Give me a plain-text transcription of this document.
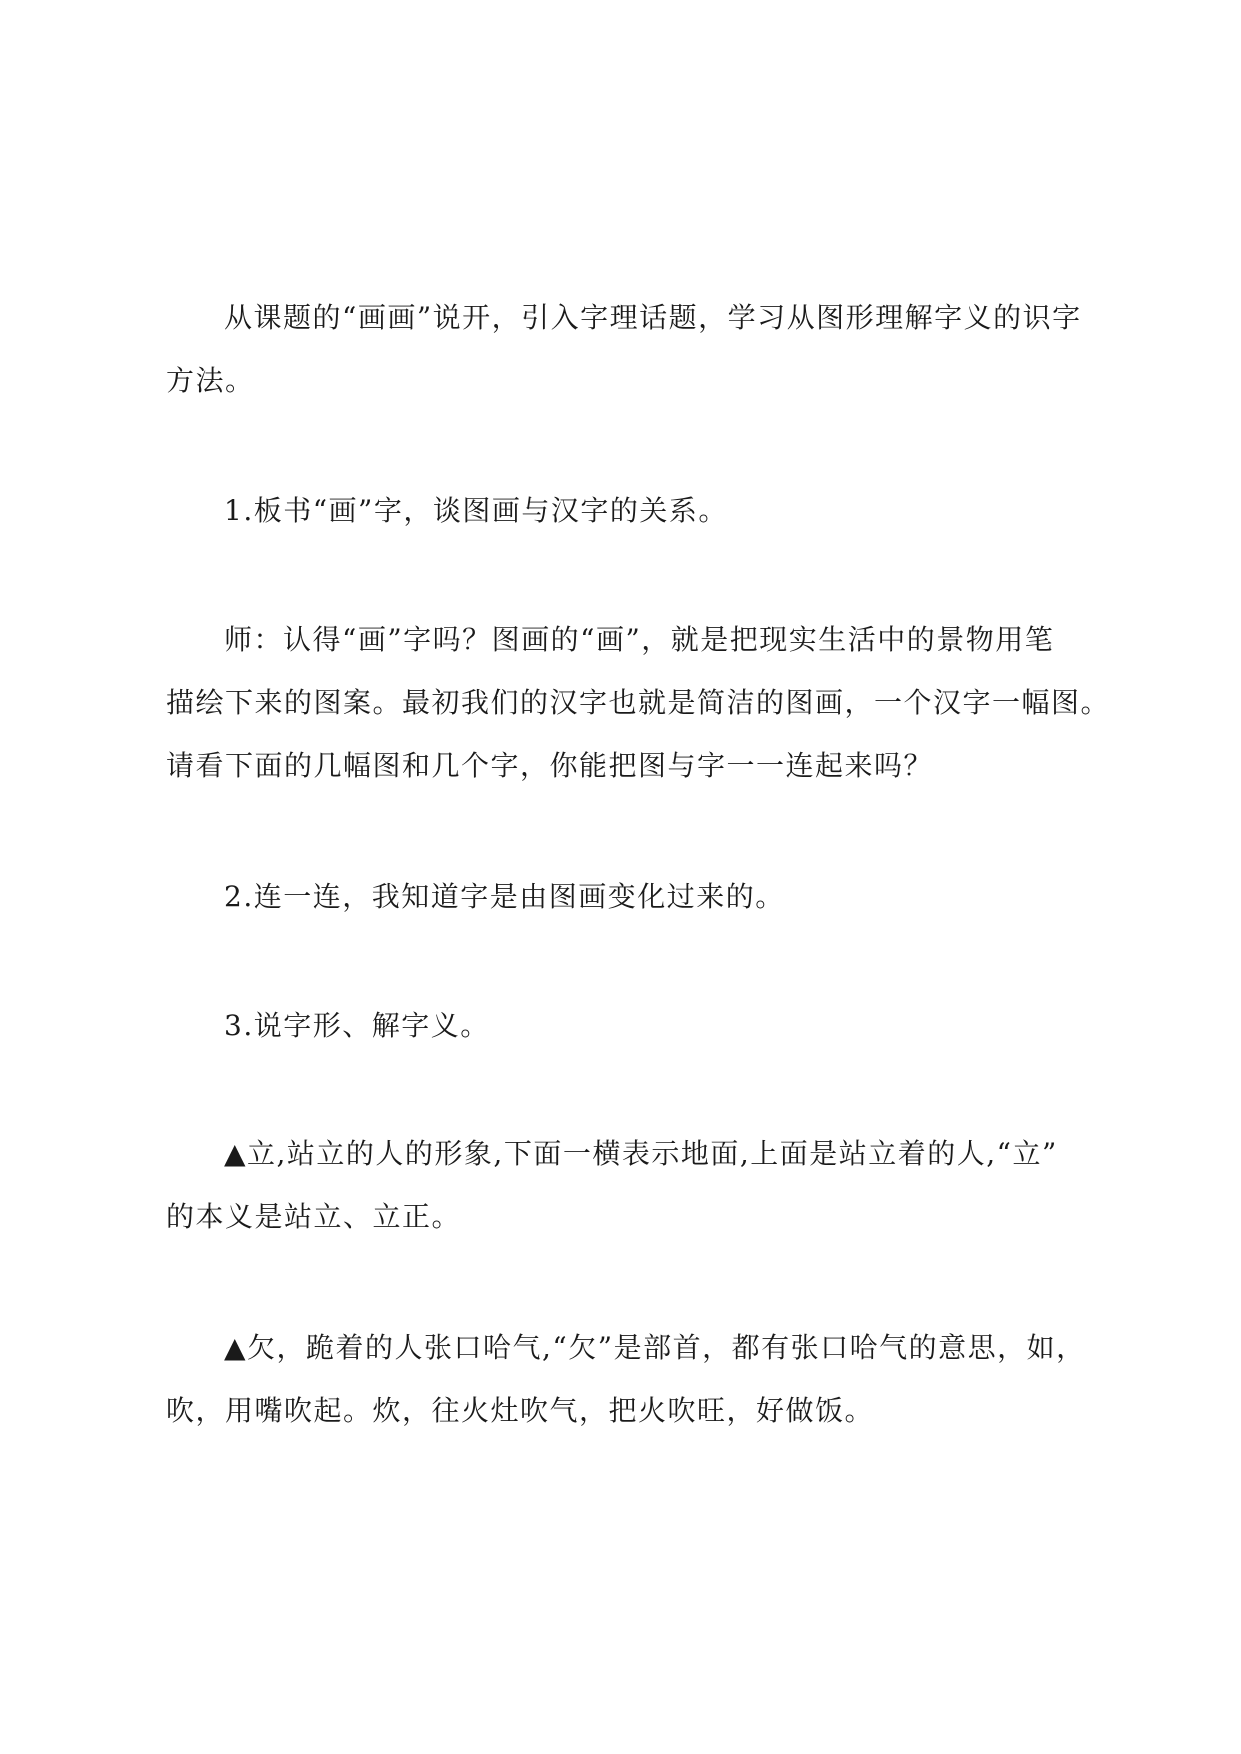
从课题的“画画”说开，引入字理话题，学习从图形理解字义的识字
方法。

1.板书“画”字，谈图画与汉字的关系。

师：认得“画”字吗？图画的“画”，就是把现实生活中的景物用笔
描绘下来的图案。最初我们的汉字也就是简洁的图画，一个汉字一幅图。
请看下面的几幅图和几个字，你能把图与字一一连起来吗？

2.连一连，我知道字是由图画变化过来的。

3.说字形、解字义。

▲立,站立的人的形象,下面一横表示地面,上面是站立着的人,“立”
的本义是站立、立正。

▲欠，跪着的人张口哈气,“欠”是部首，都有张口哈气的意思，如，
吹，用嘴吹起。炊，往火灶吹气，把火吹旺，好做饭。
